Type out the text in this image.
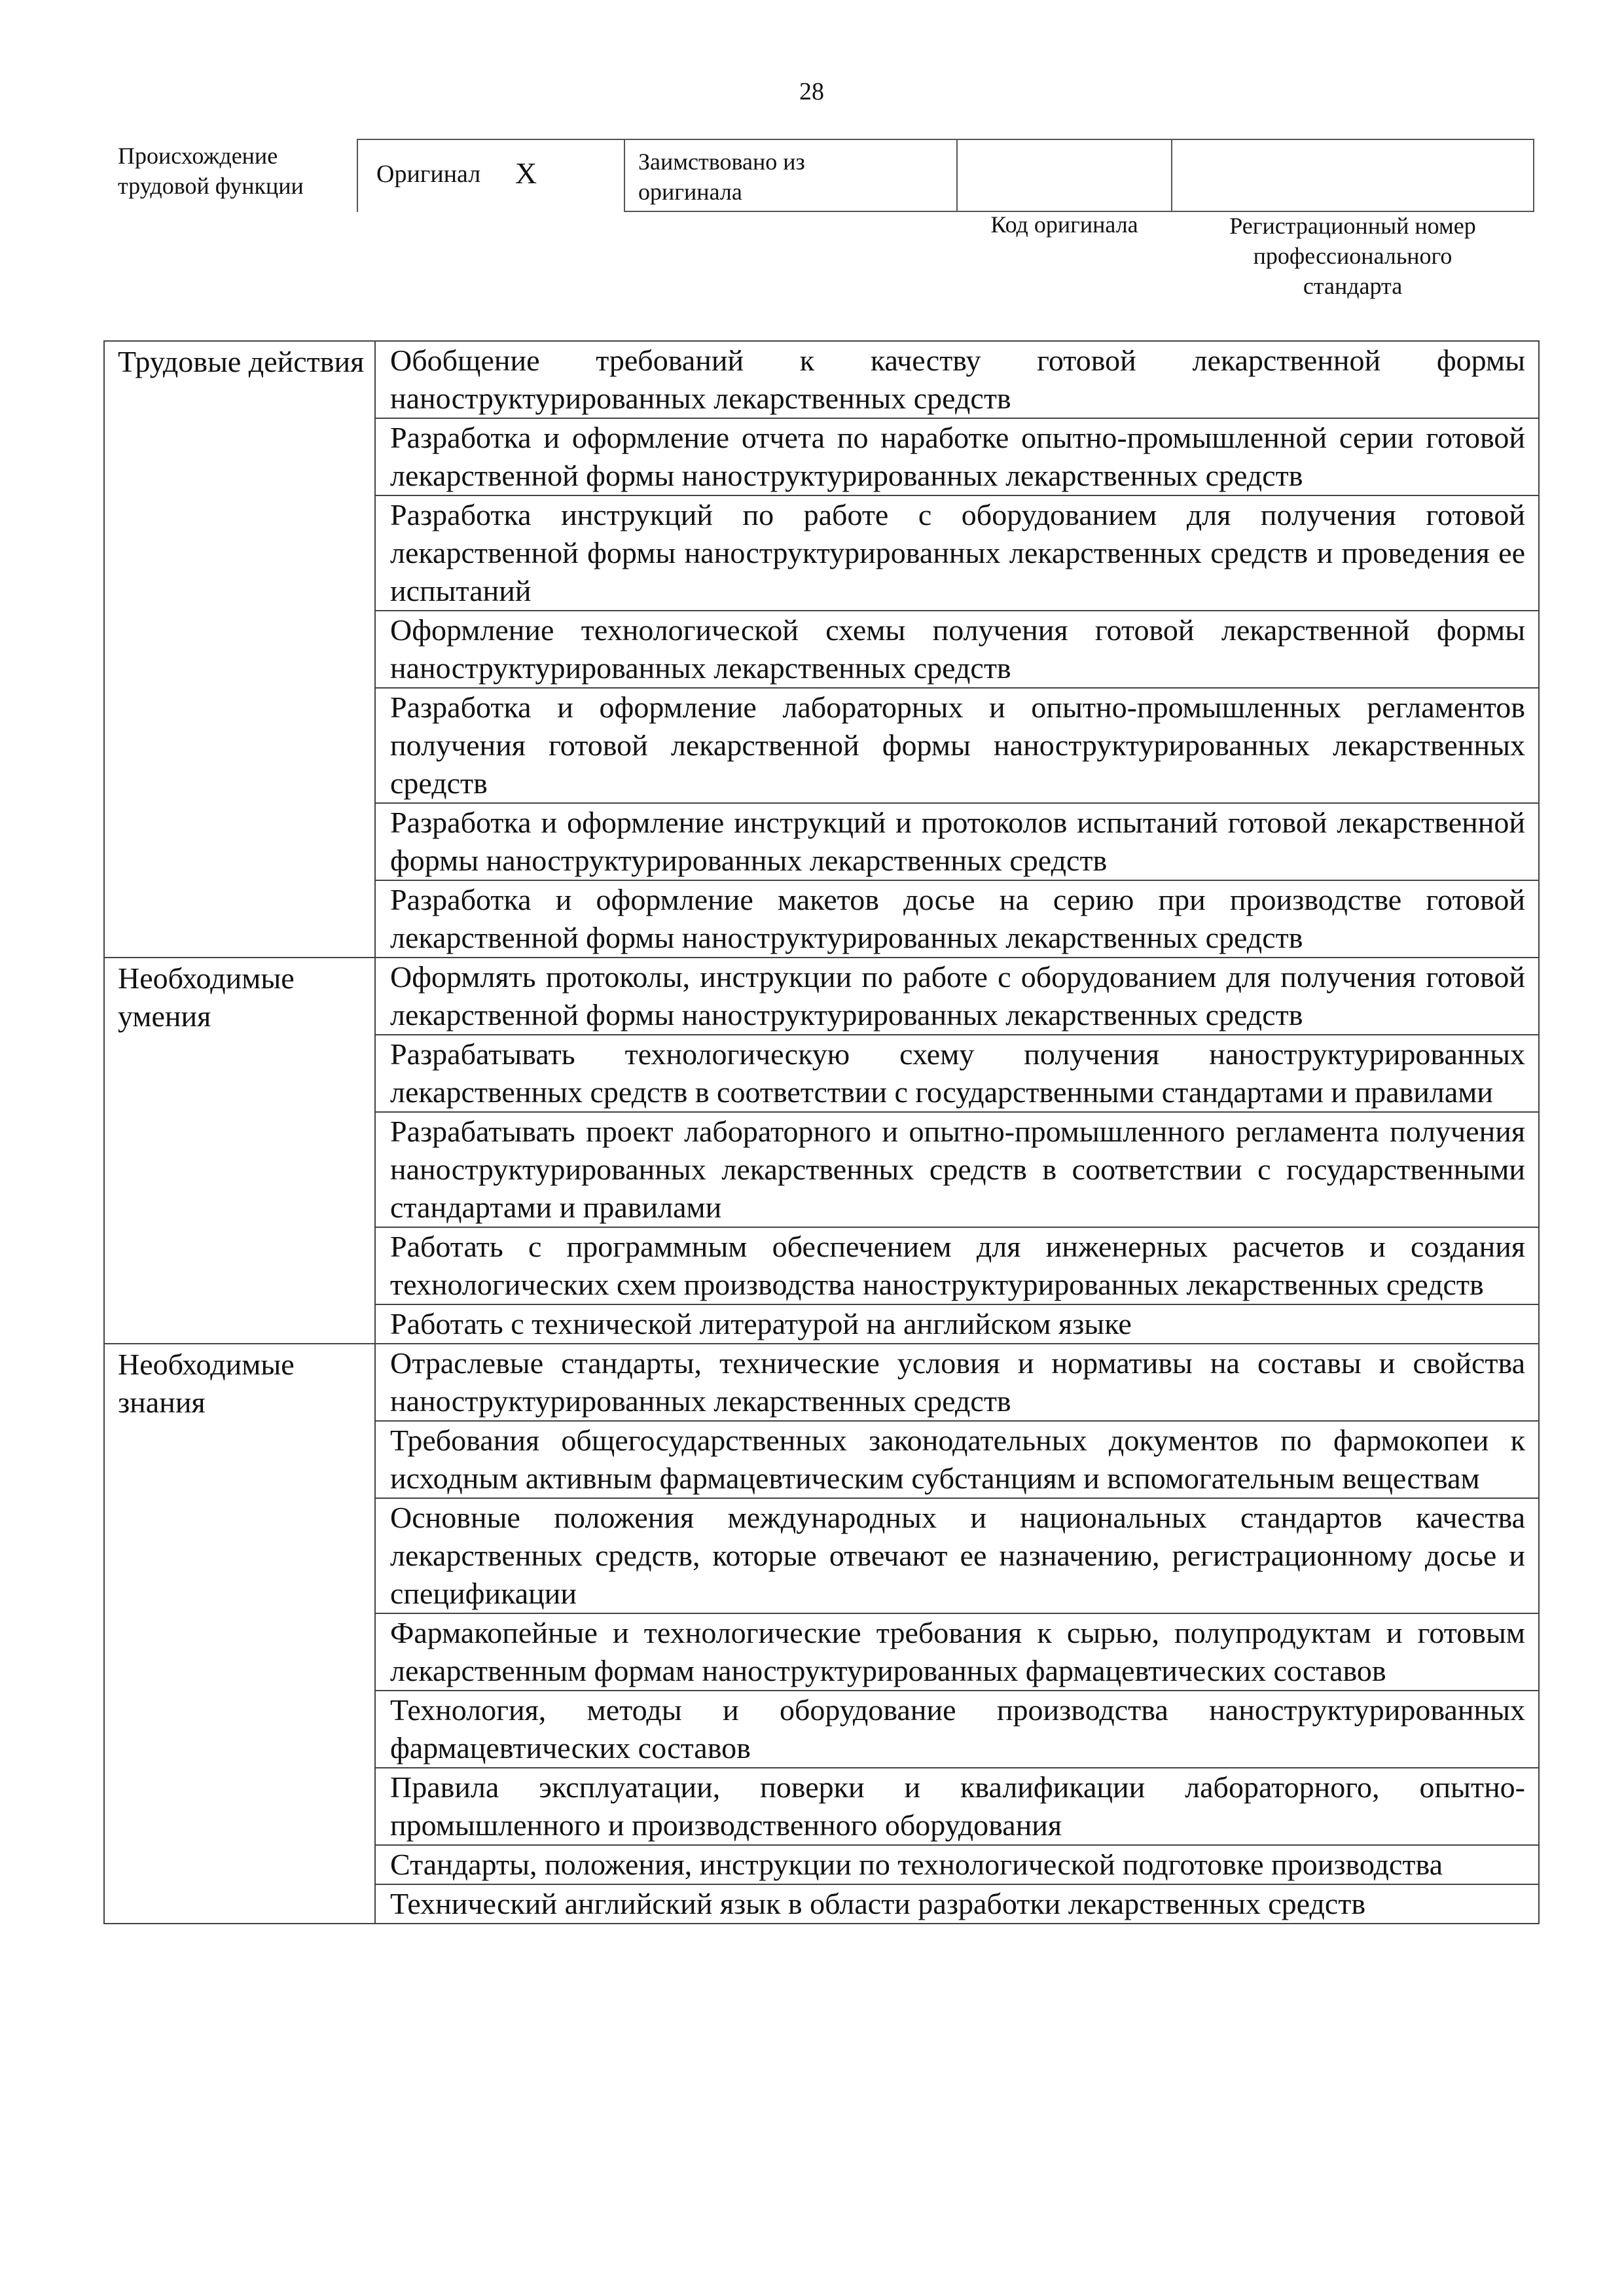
28
Происхождение
трудовой функции	Оригинал X	Заимствовано из
оригинала
Код оригинала	Регистрационный номер
профессионального
стандарта
Трудовые действия	Обобщение требований к качеству готовой лекарственной формы наноструктурированных лекарственных средств
	Разработка и оформление отчета по наработке опытно-промышленной серии готовой лекарственной формы наноструктурированных лекарственных средств
	Разработка инструкций по работе с оборудованием для получения готовой лекарственной формы наноструктурированных лекарственных средств и проведения ее испытаний
	Оформление технологической схемы получения готовой лекарственной формы наноструктурированных лекарственных средств
	Разработка и оформление лабораторных и опытно-промышленных регламентов получения готовой лекарственной формы наноструктурированных лекарственных средств
	Разработка и оформление инструкций и протоколов испытаний готовой лекарственной формы наноструктурированных лекарственных средств
	Разработка и оформление макетов досье на серию при производстве готовой лекарственной формы наноструктурированных лекарственных средств
Необходимые умения	Оформлять протоколы, инструкции по работе с оборудованием для получения готовой лекарственной формы наноструктурированных лекарственных средств
	Разрабатывать технологическую схему получения наноструктурированных лекарственных средств в соответствии с государственными стандартами и правилами
	Разрабатывать проект лабораторного и опытно-промышленного регламента получения наноструктурированных лекарственных средств в соответствии с государственными стандартами и правилами
	Работать с программным обеспечением для инженерных расчетов и создания технологических схем производства наноструктурированных лекарственных средств
	Работать с технической литературой на английском языке
Необходимые знания	Отраслевые стандарты, технические условия и нормативы на составы и свойства наноструктурированных лекарственных средств
	Требования общегосударственных законодательных документов по фармокопеи к исходным активным фармацевтическим субстанциям и вспомогательным веществам
	Основные положения международных и национальных стандартов качества лекарственных средств, которые отвечают ее назначению, регистрационному досье и спецификации
	Фармакопейные и технологические требования к сырью, полупродуктам и готовым лекарственным формам наноструктурированных фармацевтических составов
	Технология, методы и оборудование производства наноструктурированных фармацевтических составов
	Правила эксплуатации, поверки и квалификации лабораторного, опытно-промышленного и производственного оборудования
	Стандарты, положения, инструкции по технологической подготовке производства
	Технический английский язык в области разработки лекарственных средств
